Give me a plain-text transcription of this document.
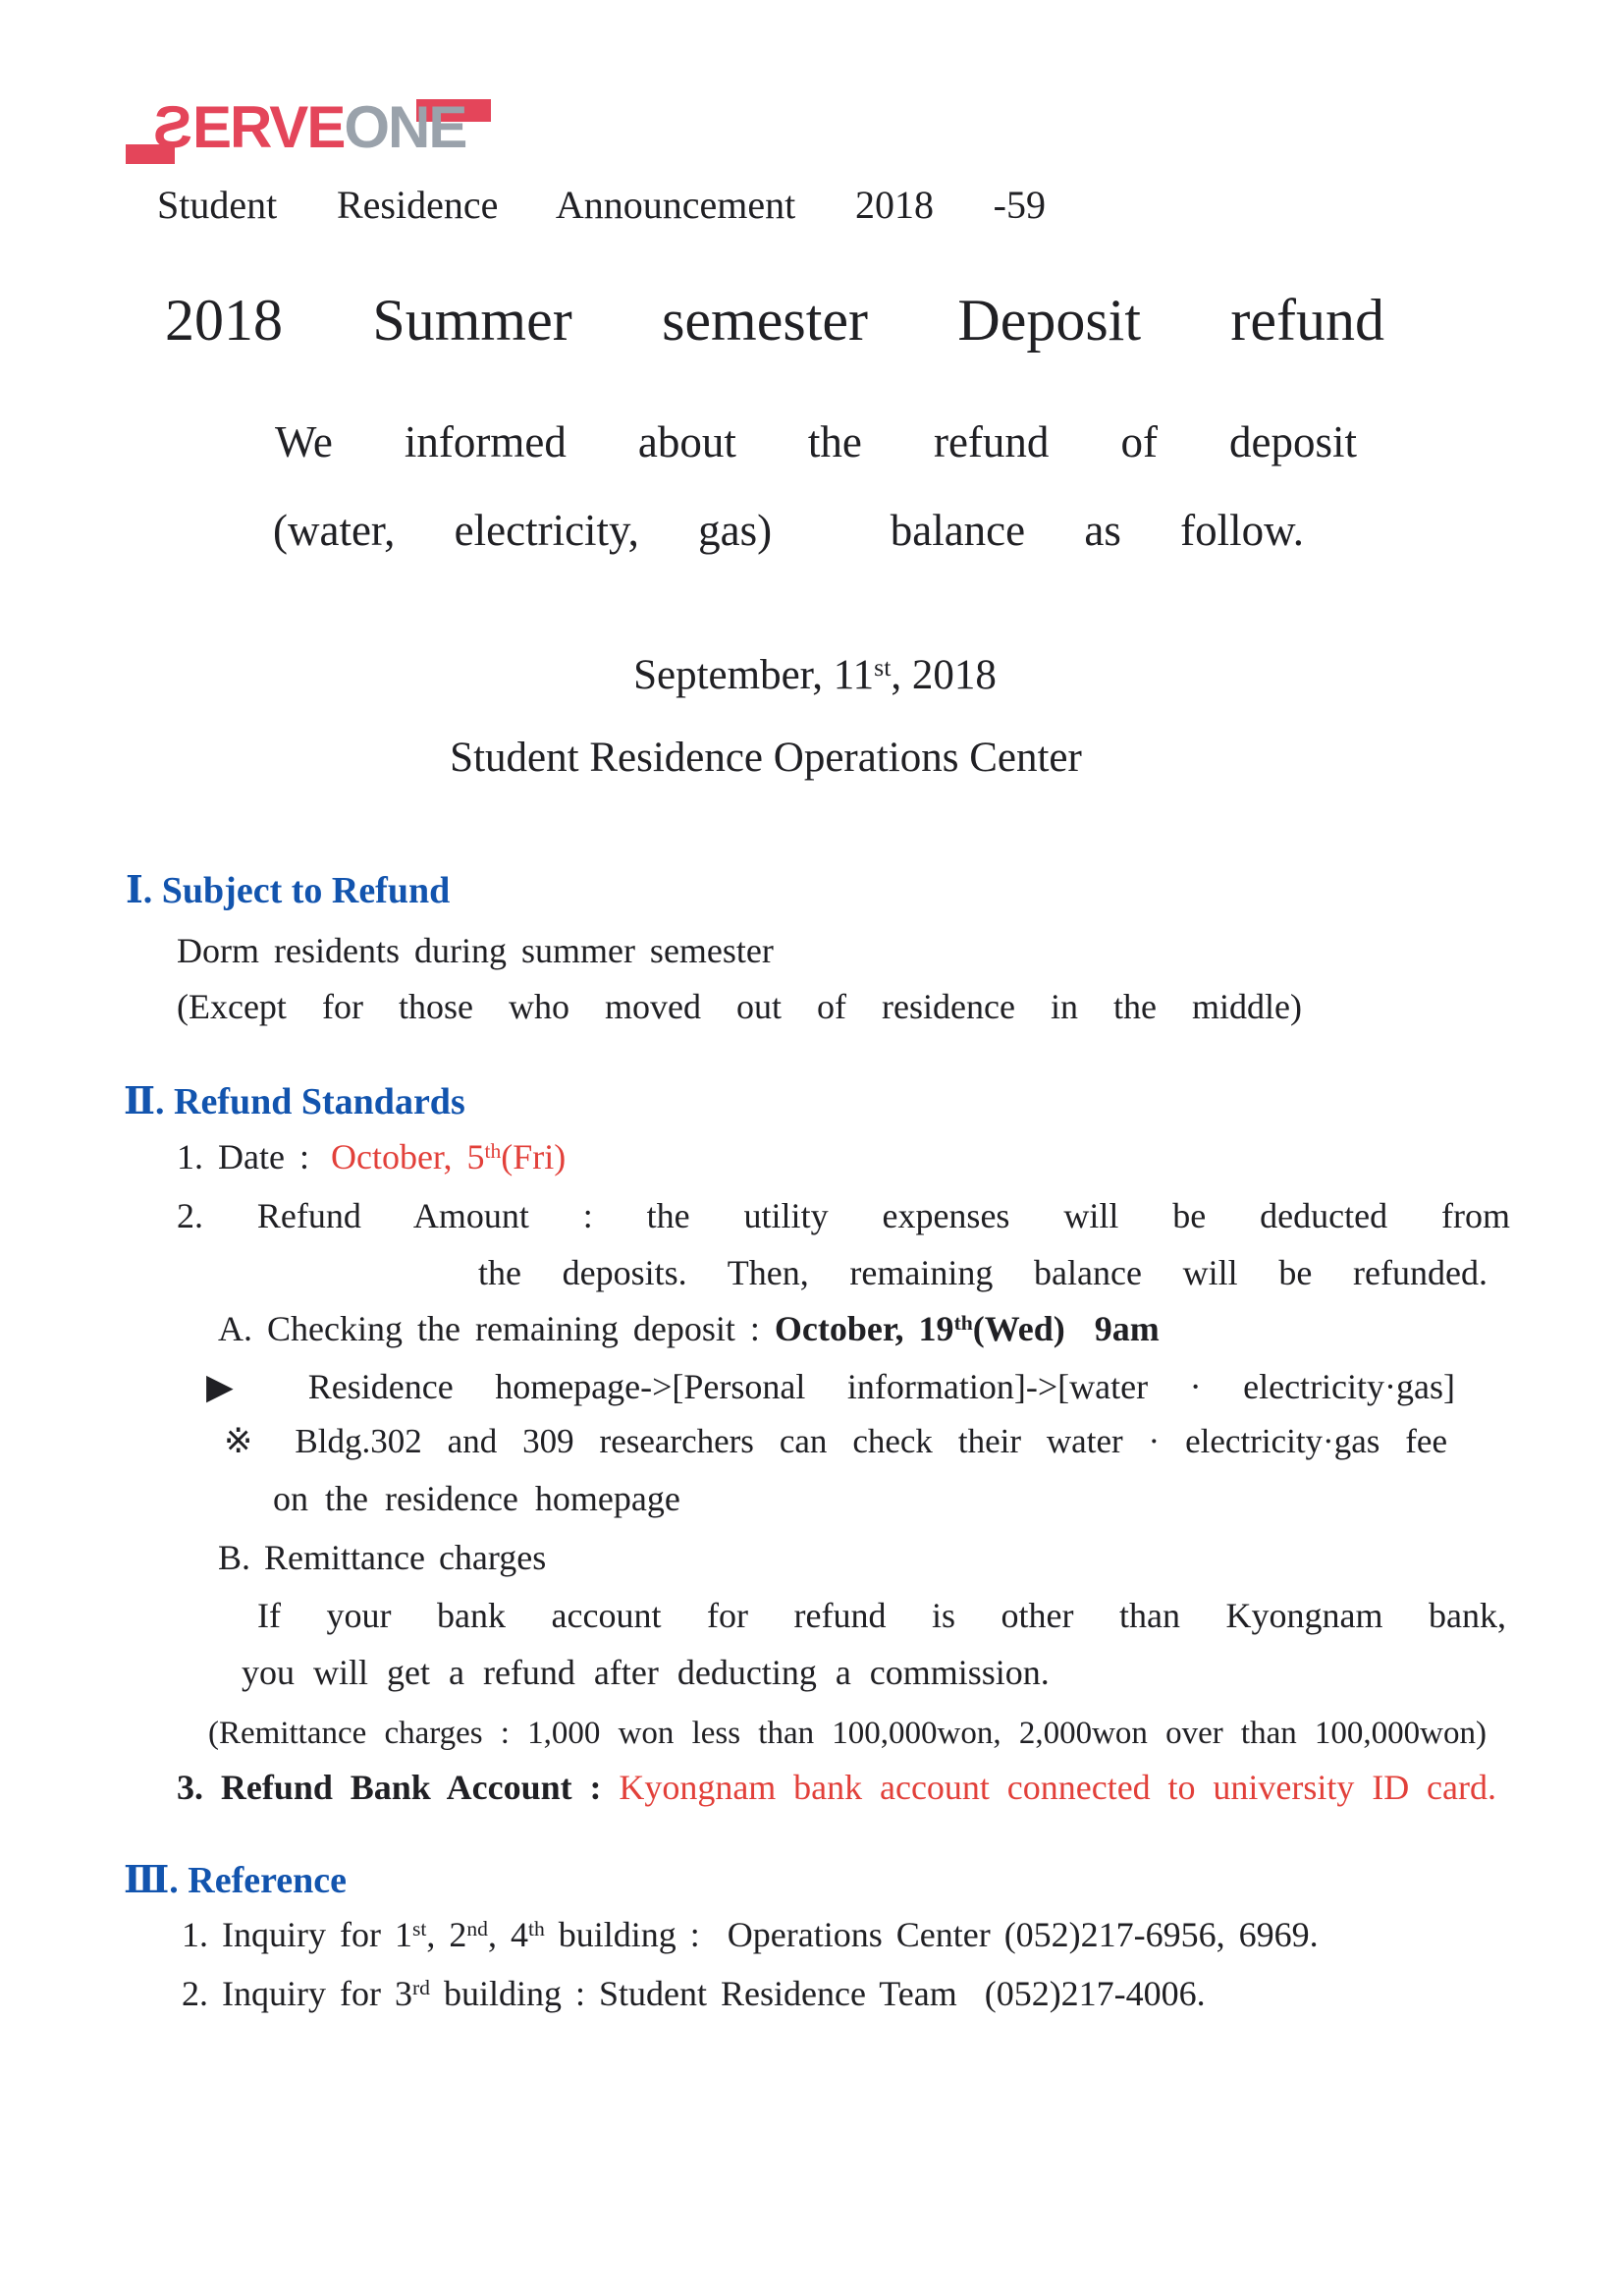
SERVEONE
Student Residence Announcement 2018 -59
2018 Summer semester Deposit refund
We informed about the refund of deposit
(water, electricity, gas)  balance as follow.
September, 11st, 2018
Student Residence Operations Center
Ⅰ. Subject to Refund
Dorm residents during summer semester
(Except for those who moved out of residence in the middle)
Ⅱ. Refund Standards
1. Date : October, 5th(Fri)
2. Refund Amount : the utility expenses will be deducted from
the deposits. Then, remaining balance will be refunded.
A. Checking the remaining deposit : October, 19th(Wed)  9am
▶ Residence homepage->[Personal information]->[water · electricity·gas]
※ Bldg.302 and 309 researchers can check their water · electricity·gas fee
on the residence homepage
B. Remittance charges
If your bank account for refund is other than Kyongnam bank,
you will get a refund after deducting a commission.
(Remittance charges : 1,000 won less than 100,000won, 2,000won over than 100,000won)
3. Refund Bank Account : Kyongnam bank account connected to university ID card.
Ⅲ. Reference
1. Inquiry for 1st, 2nd, 4th building :  Operations Center (052)217-6956, 6969.
2. Inquiry for 3rd building : Student Residence Team  (052)217-4006.
